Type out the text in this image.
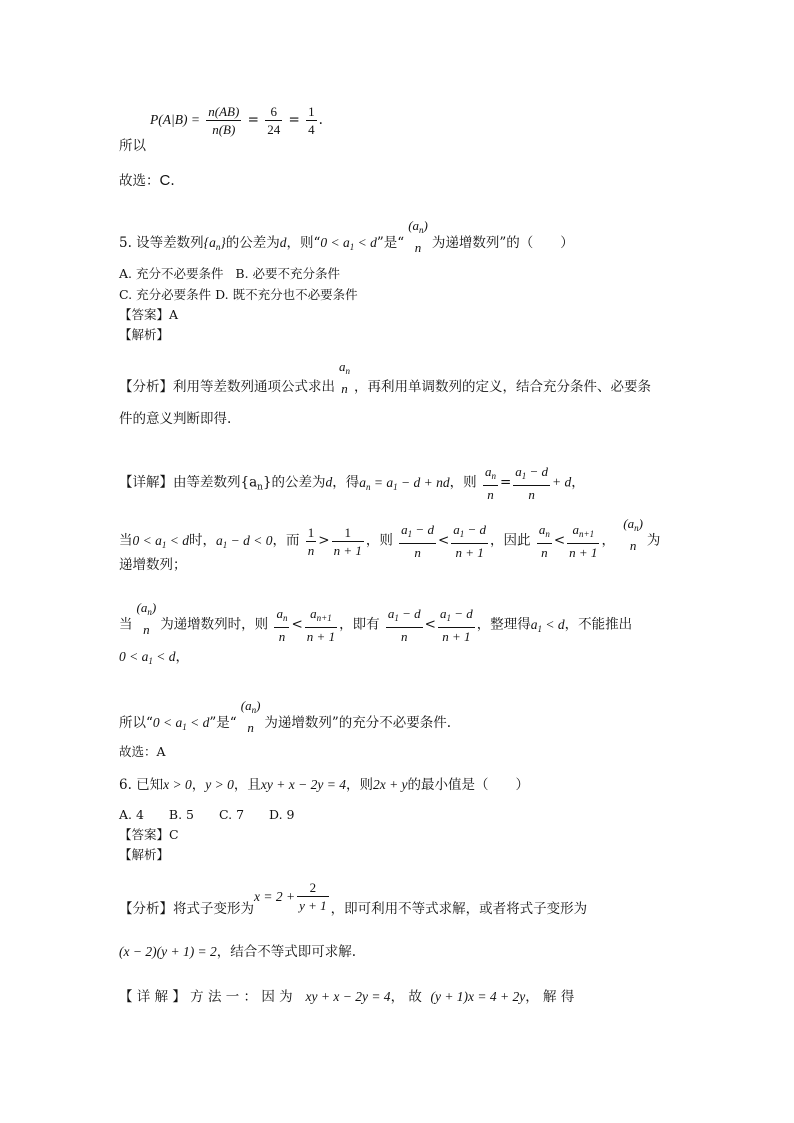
$P(A|B) = \frac{n(AB)}{n(B)} = \frac{6}{24} = \frac{1}{4}$ .
所以
故选：C.
5. 设等差数列$\{a_n\}$的公差为d，则“$0 < a_1 < d$”是“
$(a_n)$
n 为递增数列”的（　　）
A. 充分不必要条件 B. 必要不充分条件
C. 充分必要条件 D. 既不充分也不必要条件
【答案】A
【解析】
【分析】利用等差数列通项公式求出
$a_n$
n ，再利用单调数列的定义，结合充分条件、必要条
件的意义判断即得.
【详解】由等差数列$\{a_n\}$的公差为d，得$a_n = a_1 - d$ + nd，则 $\frac{a_n}{n} = \frac{a_1 - d}{n} + d$，
当$0 < a_1 < d$时，$a_1 - d < 0$，而 $\frac{1}{n} > \frac{1}{n + 1}$ ，则 $\frac{a_1 - d}{n} < \frac{a_1 - d}{n + 1}$ ，因此 $\frac{a_n}{n} < \frac{a_{n+1}}{n + 1}$ ，
$(a_n)$
n 为
递增数列；
当
$(a_n)$
n 为递增数列时，则 $\frac{a_n}{n} < \frac{a_{n+1}}{n + 1}$ ，即有 $\frac{a_1 - d}{n} < \frac{a_1 - d}{n + 1}$ ，整理得$a_1 < d$，不能推出
$0 < a_1 < d$，
所以“$0 < a_1 < d$”是“
$(a_n)$
n 为递增数列”的充分不必要条件.
故选：A
6. 已知x > 0，y > 0，且xy + x − 2y = 4，则2x + y的最小值是（　　）
A. 4　　B. 5　　C. 7　　D. 9
【答案】C
【解析】
【分析】将式子变形为$x = 2 + \frac{2}{y + 1}$ ，即可利用不等式求解，或者将式子变形为
(x − 2)(y + 1) = 2，结合不等式即可求解.
【 详 解 】 方 法 一 ： 因 为 xy + x − 2y = 4， 故 (y + 1)x = 4 + 2y， 解 得
